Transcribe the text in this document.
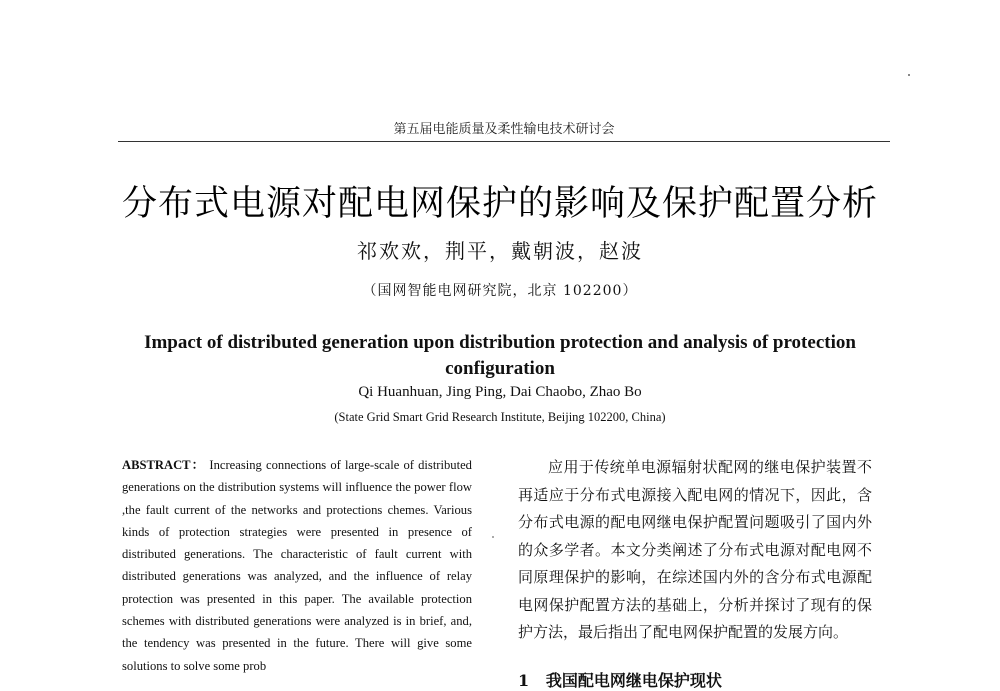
第五届电能质量及柔性输电技术研讨会
分布式电源对配电网保护的影响及保护配置分析
祁欢欢，荆平，戴朝波，赵波
（国网智能电网研究院，北京 102200）
Impact of distributed generation upon distribution protection and analysis of protection configuration
Qi Huanhuan, Jing Ping, Dai Chaobo, Zhao Bo
(State Grid Smart Grid Research Institute, Beijing 102200, China)
ABSTRACT： Increasing connections of large-scale of distributed generations on the distribution systems will influence the power flow ,the fault current of the networks and protections chemes. Various kinds of protection strategies were presented in presence of distributed generations. The characteristic of fault current with distributed generations was analyzed, and the influence of relay protection was presented in this paper. The available protection schemes with distributed generations were analyzed is in brief, and, the tendency was presented in the future. There will give some solutions to solve some prob

应用于传统单电源辐射状配网的继电保护装置不再适应于分布式电源接入配电网的情况下，因此，含分布式电源的配电网继电保护配置问题吸引了国内外的众多学者。本文分类阐述了分布式电源对配电网不同原理保护的影响，在综述国内外的含分布式电源配电网保护配置方法的基础上，分析并探讨了现有的保护方法，最后指出了配电网保护配置的发展方向。

1 我国配电网继电保护现状
